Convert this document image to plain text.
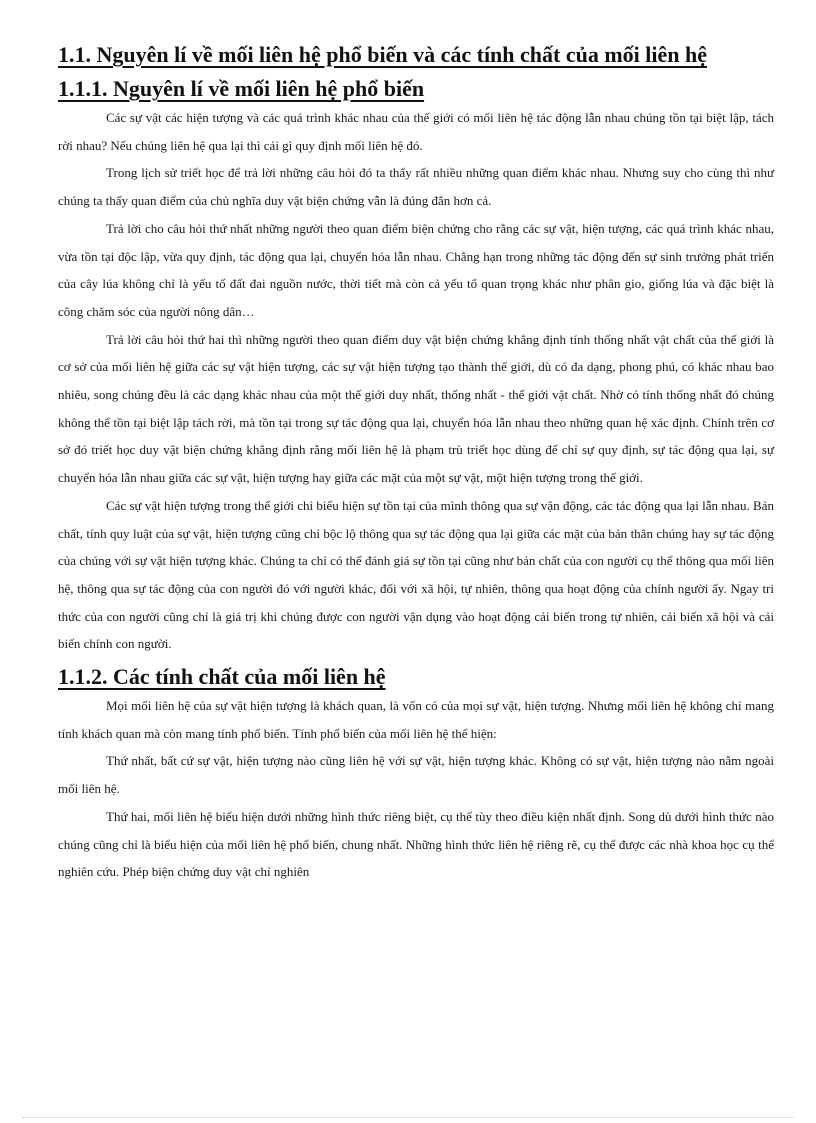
1.1. Nguyên lí về mối liên hệ phổ biến và các tính chất của mối liên hệ
1.1.1. Nguyên lí về mối liên hệ phổ biến

Các sự vật các hiện tượng và các quá trình khác nhau của thế giới có mối liên hệ tác động lẫn nhau chúng tồn tại biệt lập, tách rời nhau? Nếu chúng liên hệ qua lại thì cái gì quy định mối liên hệ đó.

Trong lịch sử triết học để trả lời những câu hỏi đó ta thấy rất nhiều những quan điểm khác nhau. Nhưng suy cho cùng thì như chúng ta thấy quan điểm của chủ nghĩa duy vật biện chứng vẫn là đúng đắn hơn cả.

Trả lời cho câu hỏi thứ nhất những người theo quan điểm biện chứng cho rằng các sự vật, hiện tượng, các quá trình khác nhau, vừa tồn tại độc lập, vừa quy định, tác động qua lại, chuyển hóa lẫn nhau. Chẳng hạn trong những tác động đến sự sinh trưởng phát triển của cây lúa không chỉ là yếu tố đất đai nguồn nước, thời tiết mà còn cả yếu tố quan trọng khác như phân gio, giống lúa và đặc biệt là công chăm sóc của người nông dân…

Trả lời câu hỏi thứ hai thì những người theo quan điểm duy vật biện chứng khẳng định tính thống nhất vật chất của thế giới là cơ sở của mối liên hệ giữa các sự vật hiện tượng, các sự vật hiện tượng tạo thành thế giới, dù có đa dạng, phong phú, có khác nhau bao nhiêu, song chúng đều là các dạng khác nhau của một thế giới duy nhất, thống nhất - thế giới vật chất. Nhờ có tính thống nhất đó chúng không thể tồn tại biệt lập tách rời, mà tồn tại trong sự tác động qua lại, chuyển hóa lẫn nhau theo những quan hệ xác định. Chính trên cơ sở đó triết học duy vật biện chứng khẳng định rằng mối liên hệ là phạm trù triết học dùng để chỉ sự quy định, sự tác động qua lại, sự chuyển hóa lẫn nhau giữa các sự vật, hiện tượng hay giữa các mặt của một sự vật, một hiện tượng trong thế giới.

Các sự vật hiện tượng trong thế giới chỉ biểu hiện sự tồn tại của mình thông qua sự vận động, các tác động qua lại lẫn nhau. Bản chất, tính quy luật của sự vật, hiện tượng cũng chỉ bộc lộ thông qua sự tác động qua lại giữa các mặt của bản thân chúng hay sự tác động của chúng với sự vật hiện tượng khác. Chúng ta chỉ có thể đánh giá sự tồn tại cũng như bản chất của con người cụ thể thông qua mối liên hệ, thông qua sự tác động của con người đó với người khác, đối với xã hội, tự nhiên, thông qua hoạt động của chính người ấy. Ngay tri thức của con người cũng chỉ là giá trị khi chúng được con người vận dụng vào hoạt động cải biến trong tự nhiên, cải biến xã hội và cải biến chính con người.

1.1.2. Các tính chất của mối liên hệ

Mọi mối liên hệ của sự vật hiện tượng là khách quan, là vốn có của mọi sự vật, hiện tượng. Nhưng mối liên hệ không chỉ mang tính khách quan mà còn mang tính phổ biến. Tính phổ biến của mối liên hệ thể hiện:

Thứ nhất, bất cứ sự vật, hiện tượng nào cũng liên hệ với sự vật, hiện tượng khác. Không có sự vật, hiện tượng nào nằm ngoài mối liên hệ.

Thứ hai, mối liên hệ biểu hiện dưới những hình thức riêng biệt, cụ thể tùy theo điều kiện nhất định. Song dù dưới hình thức nào chúng cũng chỉ là biểu hiện của mối liên hệ phổ biến, chung nhất. Những hình thức liên hệ riêng rẽ, cụ thể được các nhà khoa học cụ thể nghiên cứu. Phép biện chứng duy vật chỉ nghiên
